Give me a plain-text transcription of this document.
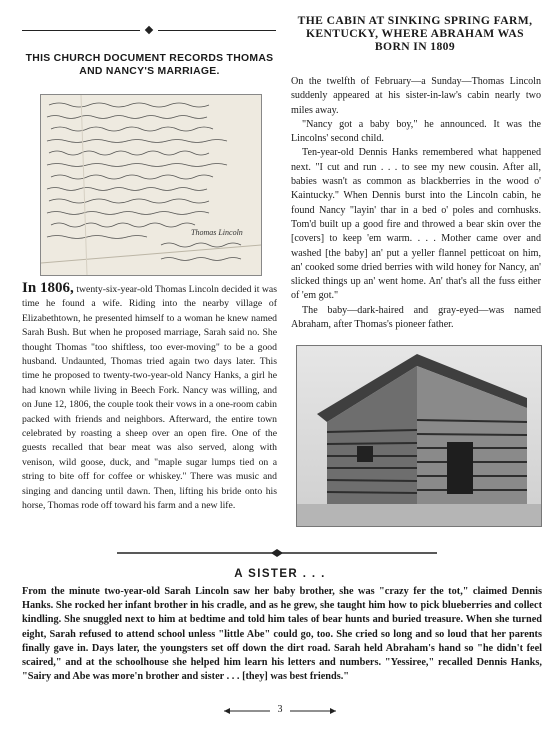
THIS CHURCH DOCUMENT RECORDS THOMAS AND NANCY'S MARRIAGE.
Thomas Lincoln
In 1806, twenty-six-year-old Thomas Lincoln decided it was time he found a wife. Riding into the nearby village of Elizabethtown, he presented himself to a woman he knew named Sarah Bush. But when he proposed marriage, Sarah said no. She thought Thomas "too shiftless, too ever-moving" to be a good husband. Undaunted, Thomas tried again two days later. This time he proposed to twenty-two-year-old Nancy Hanks, a girl he had known while living in Beech Fork. Nancy was willing, and on June 12, 1806, the couple took their vows in a one-room cabin packed with friends and neighbors. Afterward, the entire town celebrated by roasting a sheep over an open fire. One of the guests recalled that bear meat was also served, along with venison, wild goose, duck, and "maple sugar lumps tied on a string to bite off for coffee or whiskey." There was music and singing and dancing until dawn. Then, lifting his bride onto his horse, Thomas rode off toward his farm and a new life.
THE CABIN AT SINKING SPRING FARM, KENTUCKY, WHERE ABRAHAM WAS BORN IN 1809

On the twelfth of February—a Sunday—Thomas Lincoln suddenly appeared at his sister-in-law's cabin nearly two miles away.

"Nancy got a baby boy," he announced. It was the Lincolns' second child.

Ten-year-old Dennis Hanks remembered what happened next. "I cut and run . . . to see my new cousin. After all, babies wasn't as common as blackberries in the wood o' Kaintucky." When Dennis burst into the Lincoln cabin, he found Nancy "layin' thar in a bed o' poles and cornhusks. Tom'd built up a good fire and throwed a bear skin over the [covers] to keep 'em warm. . . . Mother came over and washed [the baby] an' put a yeller flannel petticoat on him, an' cooked some dried berries with wild honey for Nancy, an' slicked things up an' went home. An' that's all the fuss either of 'em got."

The baby—dark-haired and gray-eyed—was named Abraham, after Thomas's pioneer father.

A SISTER . . .
From the minute two-year-old Sarah Lincoln saw her baby brother, she was "crazy fer the tot," claimed Dennis Hanks. She rocked her infant brother in his cradle, and as he grew, she taught him how to pick blueberries and collect kindling. She snuggled next to him at bedtime and told him tales of bear hunts and buried treasure. When she turned eight, Sarah refused to attend school unless "little Abe" could go, too. She cried so long and so loud that her parents finally gave in. Days later, the youngsters set off down the dirt road. Sarah held Abraham's hand so "he didn't feel scaired," and at the schoolhouse she helped him learn his letters and numbers. "Yessiree," recalled Dennis Hanks, "Sairy and Abe was more'n brother and sister . . . [they] was best friends."
3
